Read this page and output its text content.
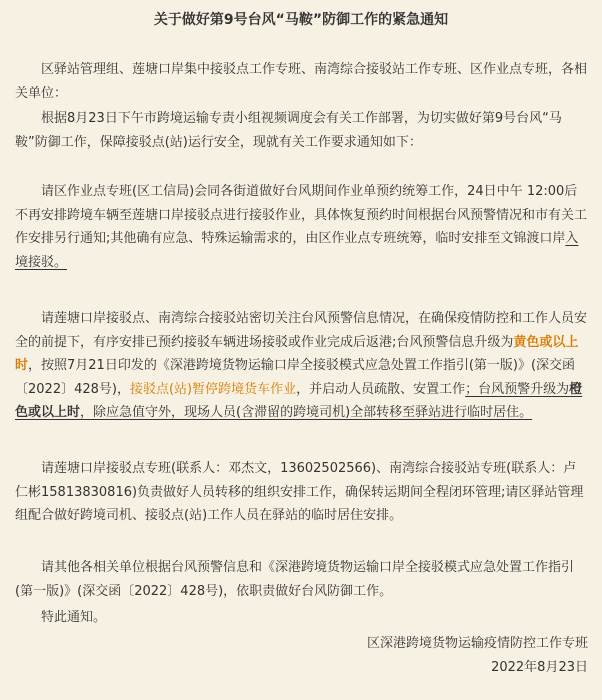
关于做好第9号台风“马鞍”防御工作的紧急通知

区驿站管理组、莲塘口岸集中接驳点工作专班、南湾综合接驳站工作专班、区作业点专班，各相关单位：

根据8月23日下午市跨境运输专责小组视频调度会有关工作部署，为切实做好第9号台风“马鞍”防御工作，保障接驳点(站)运行安全，现就有关工作要求通知如下：

请区作业点专班(区工信局)会同各街道做好台风期间作业单预约统筹工作，24日中午 12:00后不再安排跨境车辆至莲塘口岸接驳点进行接驳作业，具体恢复预约时间根据台风预警情况和市有关工作安排另行通知;其他确有应急、特殊运输需求的，由区作业点专班统筹，临时安排至文锦渡口岸入境接驳。

请莲塘口岸接驳点、南湾综合接驳站密切关注台风预警信息情况，在确保疫情防控和工作人员安全的前提下，有序安排已预约接驳车辆进场接驳或作业完成后返港;台风预警信息升级为黄色或以上时，按照7月21日印发的《深港跨境货物运输口岸全接驳模式应急处置工作指引(第一版)》(深交函〔2022〕428号)，接驳点(站)暂停跨境货车作业，并启动人员疏散、安置工作；台风预警升级为橙色或以上时，除应急值守外，现场人员(含滞留的跨境司机)全部转移至驿站进行临时居住。

请莲塘口岸接驳点专班(联系人：邓杰文，13602502566)、南湾综合接驳站专班(联系人：卢仁彬15813830816)负责做好人员转移的组织安排工作，确保转运期间全程闭环管理;请区驿站管理组配合做好跨境司机、接驳点(站)工作人员在驿站的临时居住安排。

请其他各相关单位根据台风预警信息和《深港跨境货物运输口岸全接驳模式应急处置工作指引(第一版)》(深交函〔2022〕428号)，依职责做好台风防御工作。

特此通知。

区深港跨境货物运输疫情防控工作专班
2022年8月23日
